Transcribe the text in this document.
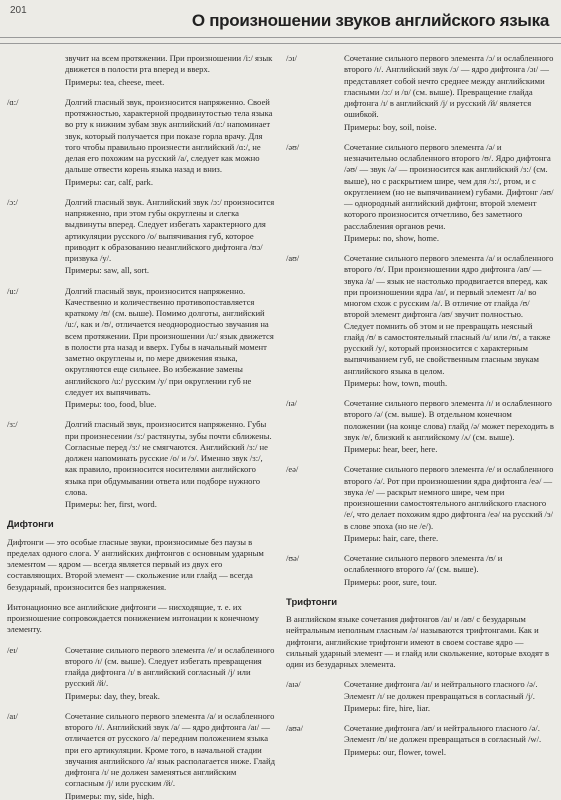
201
О произношении звуков английского языка
звучит на всем протяжении. При произношении /i:/ язык движется в полости рта вперед и вверх.
Примеры: tea, cheese, meet.
/ɑ:/	Долгий гласный звук, произносится напряженно. Своей протяжностью, характерной продвинутостью тела языка во рту к нижним зубам звук английский /ɑ:/ напоминает звук, который получается при показе горла врачу. Для того чтобы правильно произнести английский /ɑ:/, не делая его похожим на русский /а/, следует как можно дальше отвести корень языка назад и вниз.
Примеры: car, calf, park.
/ɔ:/	Долгий гласный звук. Английский звук /ɔ:/ произносится напряженно, при этом губы округлены и слегка выдвинуты вперед. Следует избегать характерного для артикуляции русского /о/ выпячивания губ, которое приводит к образованию неанглийского дифтонга /ʊɔ/ призвука /у/.
Примеры: saw, all, sort.
/u:/	Долгий гласный звук, произносится напряженно. Качественно и количественно противопоставляется краткому /ʊ/ (см. выше). Помимо долготы, английский /u:/, как и /ʊ/, отличается неоднородностью звучания на всем протяжении. При произношении /u:/ язык движется в полости рта назад и вверх. Губы в начальный момент заметно округлены и, по мере движения языка, округляются еще сильнее. Во избежание замены английского /u:/ русским /у/ при округлении губ не следует их выпячивать.
Примеры: too, food, blue.
/ɜ:/	Долгий гласный звук, произносится напряженно. Губы при произнесении /ɜ:/ растянуты, зубы почти сближены. Согласные перед /ɜ:/ не смягчаются. Английский /ɜ:/ не должен напоминать русские /о/ и /э/. Именно звук /ɜ:/, как правило, произносится носителями английского языка при обдумывании ответа или подборе нужного слова.
Примеры: her, first, word.
Дифтонги

Дифтонги — это особые гласные звуки, произносимые без паузы в пределах одного слога. У английских дифтонгов с основным ударным элементом — ядром — всегда является первый из двух его составляющих. Второй элемент — скольжение или глайд — всегда безударный, произносится без напряжения.

Интонационно все английские дифтонги — нисходящие, т. е. их произношение сопровождается понижением интонации к конечному элементу.

/eɪ/	Сочетание сильного первого элемента /e/ и ослабленного второго /ɪ/ (см. выше). Следует избегать превращения глайда дифтонга /ɪ/ в английский согласный /j/ или русский /й/.
Примеры: day, they, break.
/aɪ/	Сочетание сильного первого элемента /a/ и ослабленного второго /ɪ/. Английский звук /a/ — ядро дифтонга /aɪ/ — отличается от русского /а/ передним положением языка при его артикуляции. Кроме того, в начальной стадии звучания английского /a/ язык располагается ниже. Глайд дифтонга /ɪ/ не должен заменяться английским согласным /j/ или русским /й/.
Примеры: my, side, high.
/ɔɪ/	Сочетание сильного первого элемента /ɔ/ и ослабленного второго /ɪ/. Английский звук /ɔ/ — ядро дифтонга /ɔɪ/ — представляет собой нечто среднее между английскими гласными /ɔ:/ и /ɒ/ (см. выше). Превращение глайда дифтонга /ɪ/ в английский /j/ и русский /й/ является ошибкой.
Примеры: boy, soil, noise.
/əʊ/	Сочетание сильного первого элемента /ə/ и незначительно ослабленного второго /ʊ/. Ядро дифтонга /əʊ/ — звук /ə/ — произносится как английский /ɜ:/ (см. выше), но с раскрытием шире, чем для /ɜ:/, ртом, и с округлением (но не выпячиванием) губами. Дифтонг /əʊ/ — однородный английский дифтонг, второй элемент которого произносится отчетливо, без заметного расслабления органов речи.
Примеры: no, show, home.
/aʊ/	Сочетание сильного первого элемента /a/ и ослабленного второго /ʊ/. При произношении ядро дифтонга /aʊ/ — звука /a/ — язык не настолько продвигается вперед, как при произношении ядра /aɪ/, и первый элемент /a/ во многом схож с русским /а/. В отличие от глайда /ʊ/ второй элемент дифтонга /aʊ/ звучит полностью. Следует помнить об этом и не превращать неясный глайд /ʊ/ в самостоятельный гласный /u/ или /ʊ/, а также русский /у/, который произносится с характерным выпячиванием губ, не свойственным гласным звукам английского языка в целом.
Примеры: how, town, mouth.
/ɪə/	Сочетание сильного первого элемента /ɪ/ и ослабленного второго /ə/ (см. выше). В отдельном конечном положении (на конце слова) глайд /ə/ может переходить в звук /ɐ/, близкий к английскому /ʌ/ (см. выше).
Примеры: hear, beer, here.
/eə/	Сочетание сильного первого элемента /e/ и ослабленного второго /ə/. Рот при произношении ядра дифтонга /eə/ — звука /e/ — раскрыт немного шире, чем при произношении самостоятельного английского гласного /e/, что делает похожим ядро дифтонга /eə/ на русский /э/ в слове эпоха (но не /е/).
Примеры: hair, care, there.
/ʊə/	Сочетание сильного первого элемента /ʊ/ и ослабленного второго /ə/ (см. выше).
Примеры: poor, sure, tour.
Трифтонги

В английском языке сочетания дифтонгов /aɪ/ и /aʊ/ с безударным нейтральным неполным гласным /ə/ называются трифтонгами. Как и дифтонги, английские трифтонги имеют в своем составе ядро — сильный ударный элемент — и глайд или скольжение, которые входят в один из безударных элемента.

/aɪə/	Сочетание дифтонга /aɪ/ и нейтрального гласного /ə/. Элемент /ɪ/ не должен превращаться в согласный /j/.
Примеры: fire, hire, liar.
/aʊə/	Сочетание дифтонга /aʊ/ и нейтрального гласного /ə/. Элемент /ʊ/ не должен превращаться в согласный /w/.
Примеры: our, flower, towel.
